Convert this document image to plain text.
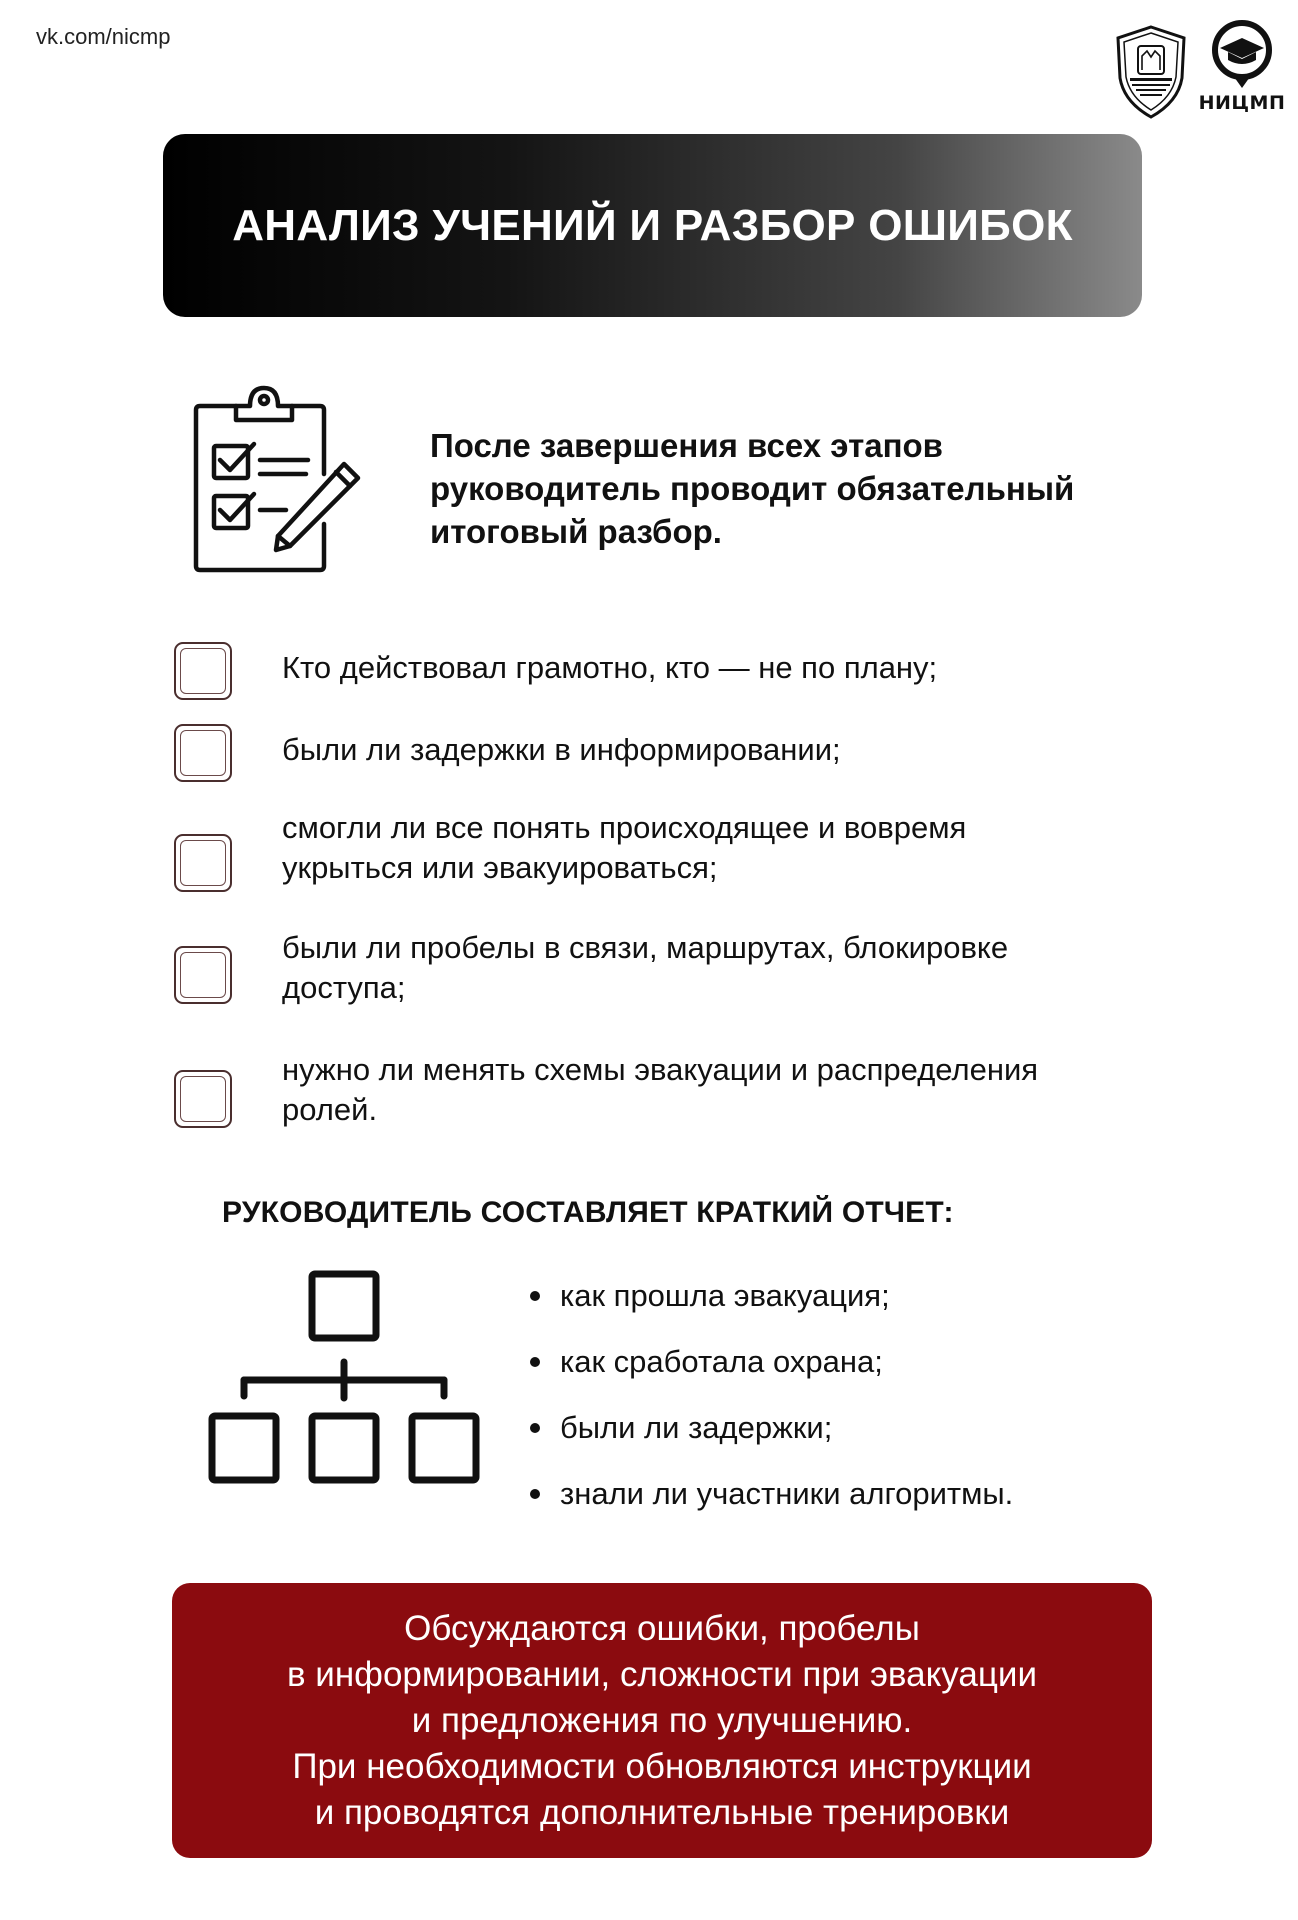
vk.com/nicmp
НИЦМП
АНАЛИЗ УЧЕНИЙ И РАЗБОР ОШИБОК
После завершения всех этапов
руководитель проводит обязательный
итоговый разбор.
Кто действовал грамотно, кто — не по плану;
были ли задержки в информировании;
смогли ли все понять происходящее и вовремя
укрыться или эвакуироваться;
были ли пробелы в связи, маршрутах, блокировке
доступа;
нужно ли менять схемы эвакуации и распределения
ролей.
РУКОВОДИТЕЛЬ СОСТАВЛЯЕТ КРАТКИЙ ОТЧЕТ:
как прошла эвакуация;
как сработала охрана;
были ли задержки;
знали ли участники алгоритмы.

Обсуждаются ошибки, пробелы
в информировании, сложности при эвакуации
и предложения по улучшению.
При необходимости обновляются инструкции
и проводятся дополнительные тренировки
